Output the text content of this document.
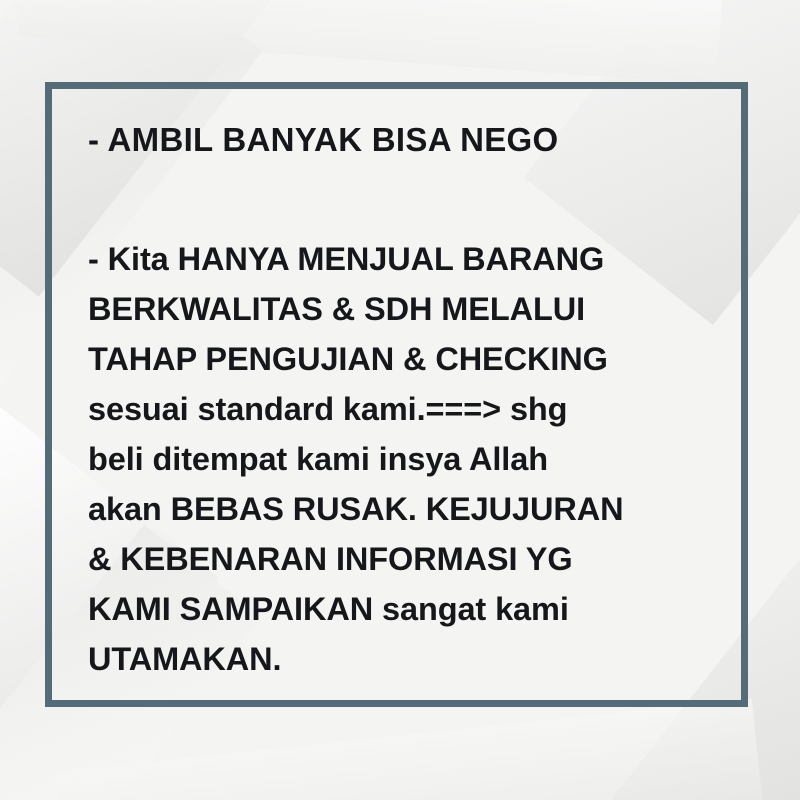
- AMBIL BANYAK BISA NEGO

- Kita HANYA MENJUAL BARANG
BERKWALITAS & SDH MELALUI
TAHAP PENGUJIAN & CHECKING
sesuai standard kami.===> shg
beli ditempat kami insya Allah
akan BEBAS RUSAK. KEJUJURAN
& KEBENARAN INFORMASI YG
KAMI SAMPAIKAN sangat kami
UTAMAKAN.
